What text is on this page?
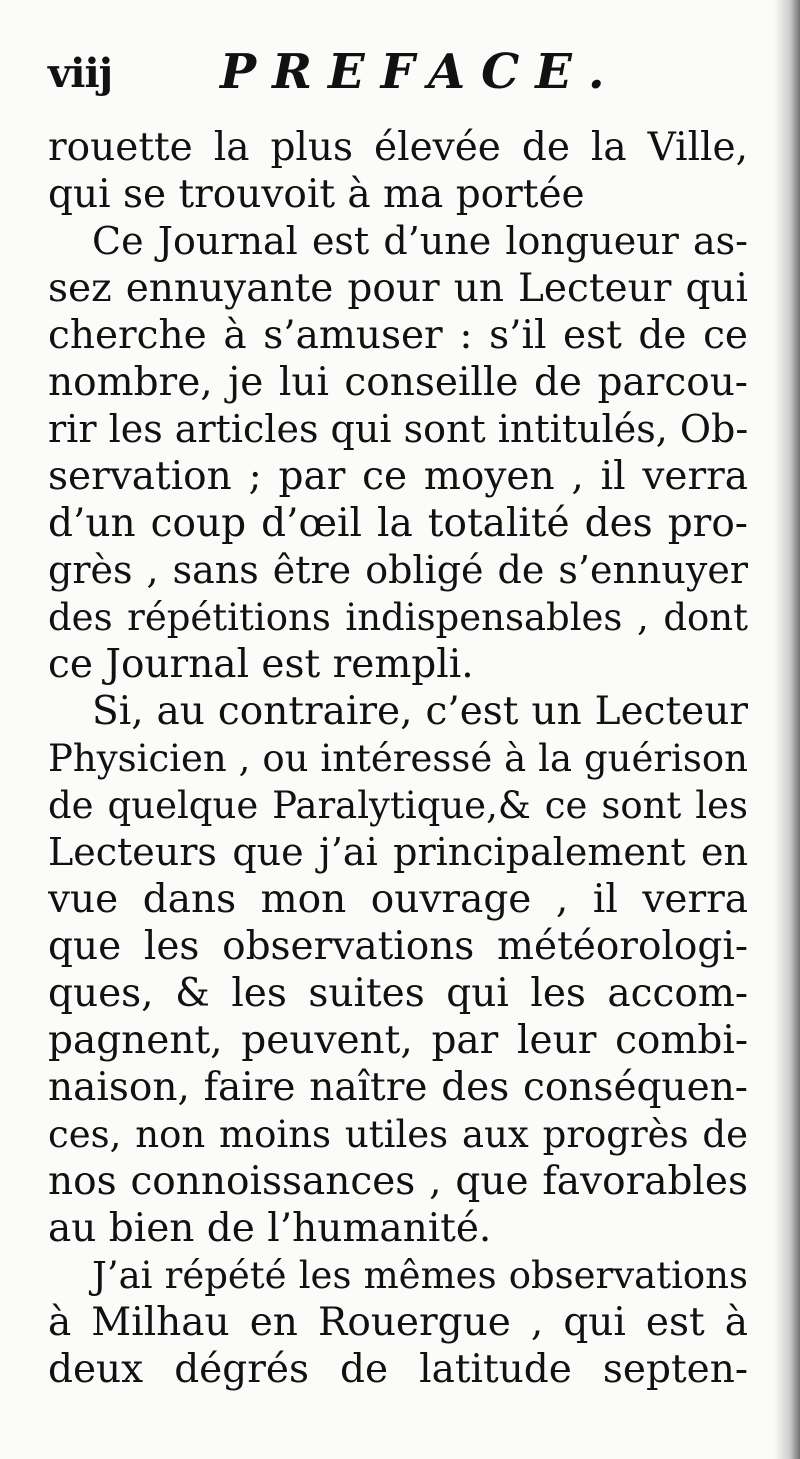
viij PREFACE.
rouette la plus élevée de la Ville,
qui se trouvoit à ma portée
Ce Journal est d’une longueur as-
sez ennuyante pour un Lecteur qui
cherche à s’amuser : s’il est de ce
nombre, je lui conseille de parcou-
rir les articles qui sont intitulés, Ob-
servation ; par ce moyen , il verra
d’un coup d’œil la totalité des pro-
grès , sans être obligé de s’ennuyer
des répétitions indispensables , dont
ce Journal est rempli.
Si, au contraire, c’est un Lecteur
Physicien , ou intéressé à la guérison
de quelque Paralytique,& ce sont les
Lecteurs que j’ai principalement en
vue dans mon ouvrage , il verra
que les observations météorologi-
ques, & les suites qui les accom-
pagnent, peuvent, par leur combi-
naison, faire naître des conséquen-
ces, non moins utiles aux progrès de
nos connoissances , que favorables
au bien de l’humanité.
J’ai répété les mêmes observations
à Milhau en Rouergue , qui est à
deux dégrés de latitude septen-
